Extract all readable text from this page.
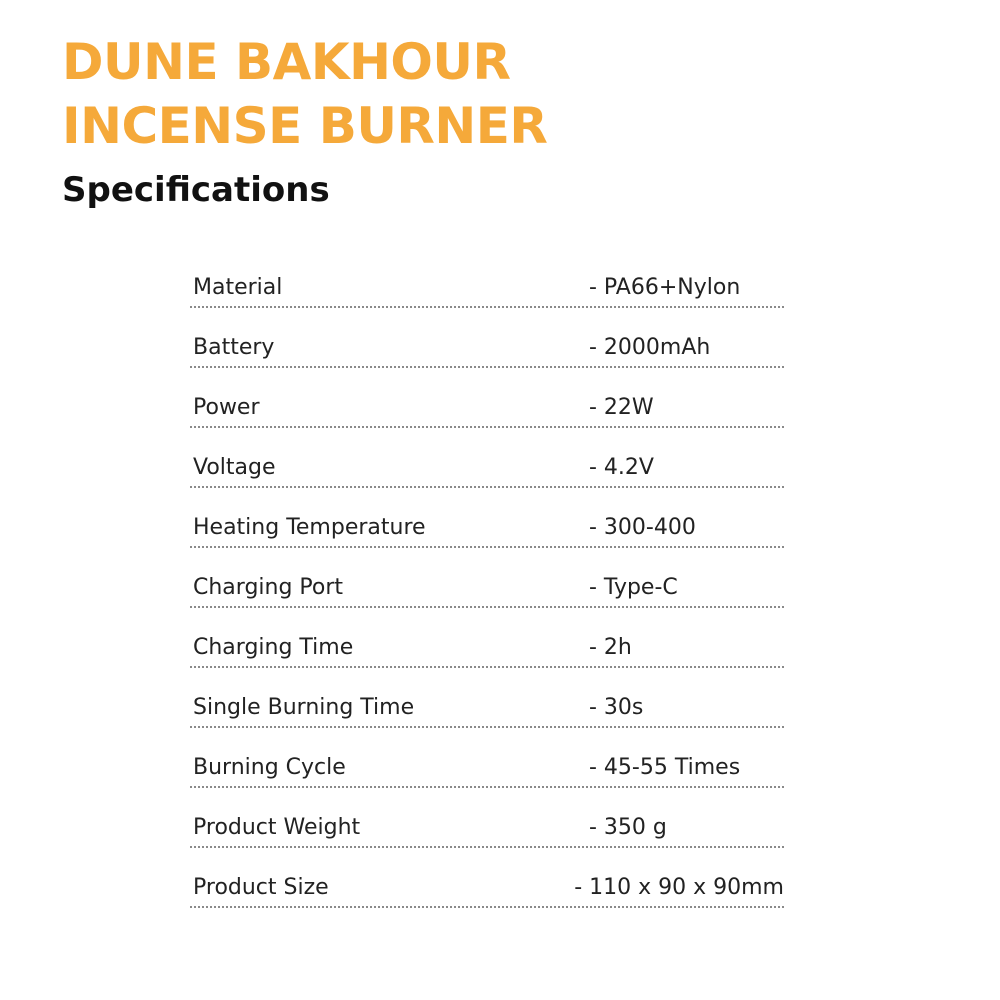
DUNE BAKHOUR
INCENSE BURNER
Specifications
Material	- PA66+Nylon
Battery	- 2000mAh
Power	- 22W
Voltage	- 4.2V
Heating Temperature	- 300-400
Charging Port	- Type-C
Charging Time	- 2h
Single Burning Time	- 30s
Burning Cycle	- 45-55 Times
Product Weight	- 350 g
Product Size	- 110 x 90 x 90mm
